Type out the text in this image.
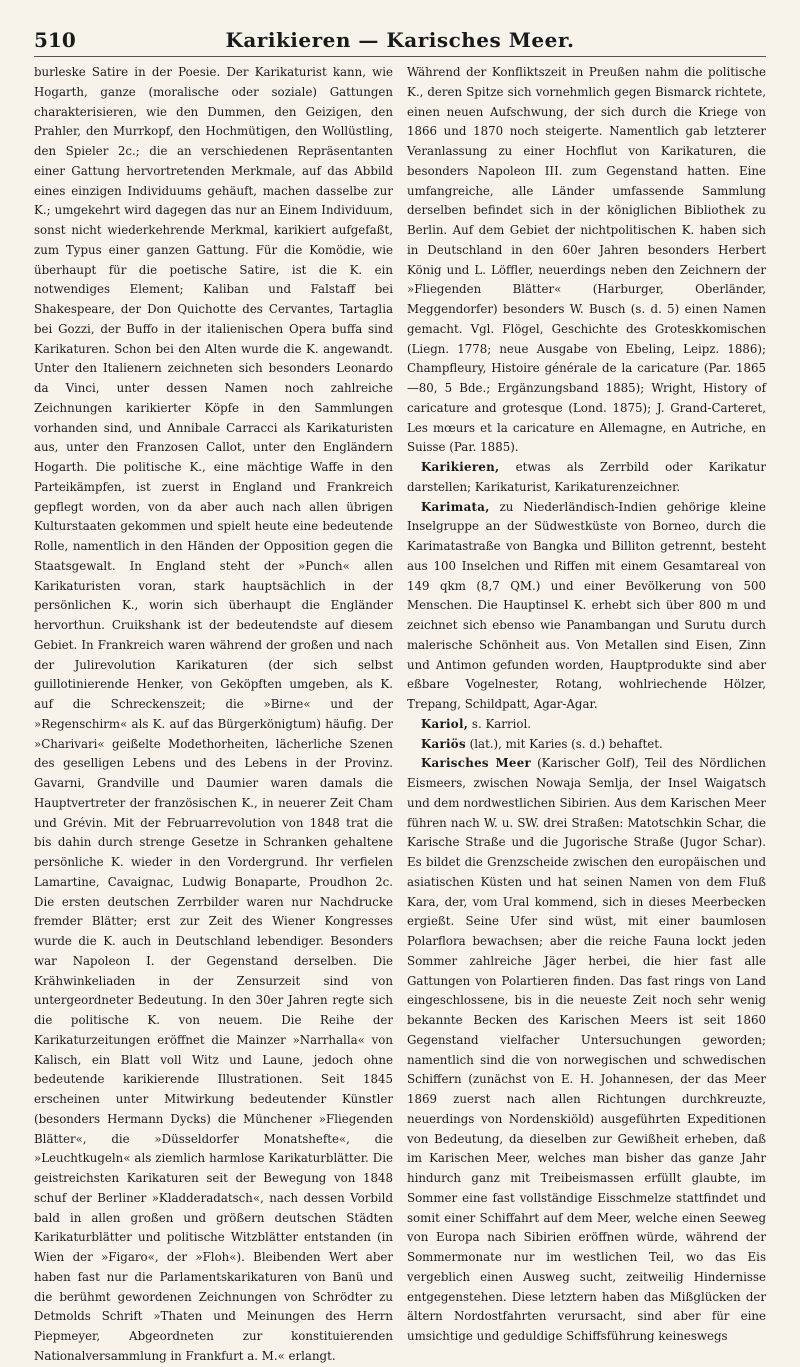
510	Karikieren — Karisches Meer.

burleske Satire in der Poesie. Der Karikaturist kann, wie Hogarth, ganze (moralische oder soziale) Gattungen charakterisieren, wie den Dummen, den Geizigen, den Prahler, den Murrkopf, den Hochmütigen, den Wollüstling, den Spieler 2c.; die an verschiedenen Repräsentanten einer Gattung hervortretenden Merkmale, auf das Abbild eines einzigen Individuums gehäuft, machen dasselbe zur K.; umgekehrt wird dagegen das nur an Einem Individuum, sonst nicht wiederkehrende Merkmal, karikiert aufgefaßt, zum Typus einer ganzen Gattung. Für die Komödie, wie überhaupt für die poetische Satire, ist die K. ein notwendiges Element; Kaliban und Falstaff bei Shakespeare, der Don Quichotte des Cervantes, Tartaglia bei Gozzi, der Buffo in der italienischen Opera buffa sind Karikaturen. Schon bei den Alten wurde die K. angewandt. Unter den Italienern zeichneten sich besonders Leonardo da Vinci, unter dessen Namen noch zahlreiche Zeichnungen karikierter Köpfe in den Sammlungen vorhanden sind, und Annibale Carracci als Karikaturisten aus, unter den Franzosen Callot, unter den Engländern Hogarth. Die politische K., eine mächtige Waffe in den Parteikämpfen, ist zuerst in England und Frankreich gepflegt worden, von da aber auch nach allen übrigen Kulturstaaten gekommen und spielt heute eine bedeutende Rolle, namentlich in den Händen der Opposition gegen die Staatsgewalt. In England steht der »Punch« allen Karikaturisten voran, stark hauptsächlich in der persönlichen K., worin sich überhaupt die Engländer hervorthun. Cruikshank ist der bedeutendste auf diesem Gebiet. In Frankreich waren während der großen und nach der Julirevolution Karikaturen (der sich selbst guillotinierende Henker, von Geköpften umgeben, als K. auf die Schreckenszeit; die »Birne« und der »Regenschirm« als K. auf das Bürgerkönigtum) häufig. Der »Charivari« geißelte Modethorheiten, lächerliche Szenen des geselligen Lebens und des Lebens in der Provinz. Gavarni, Grandville und Daumier waren damals die Hauptvertreter der französischen K., in neuerer Zeit Cham und Grévin. Mit der Februarrevolution von 1848 trat die bis dahin durch strenge Gesetze in Schranken gehaltene persönliche K. wieder in den Vordergrund. Ihr verfielen Lamartine, Cavaignac, Ludwig Bonaparte, Proudhon 2c. Die ersten deutschen Zerrbilder waren nur Nachdrucke fremder Blätter; erst zur Zeit des Wiener Kongresses wurde die K. auch in Deutschland lebendiger. Besonders war Napoleon I. der Gegenstand derselben. Die Krähwinkeliaden in der Zensurzeit sind von untergeordneter Bedeutung. In den 30er Jahren regte sich die politische K. von neuem. Die Reihe der Karikaturzeitungen eröffnet die Mainzer »Narrhalla« von Kalisch, ein Blatt voll Witz und Laune, jedoch ohne bedeutende karikierende Illustrationen. Seit 1845 erscheinen unter Mitwirkung bedeutender Künstler (besonders Hermann Dycks) die Münchener »Fliegenden Blätter«, die »Düsseldorfer Monatshefte«, die »Leuchtkugeln« als ziemlich harmlose Karikaturblätter. Die geistreichsten Karikaturen seit der Bewegung von 1848 schuf der Berliner »Kladderadatsch«, nach dessen Vorbild bald in allen großen und größern deutschen Städten Karikaturblätter und politische Witzblätter entstanden (in Wien der »Figaro«, der »Floh«). Bleibenden Wert aber haben fast nur die Parlamentskarikaturen von Banü und die berühmt gewordenen Zeichnungen von Schrödter zu Detmolds Schrift »Thaten und Meinungen des Herrn Piepmeyer, Abgeordneten zur konstituierenden Nationalversammlung in Frankfurt a. M.« erlangt.

Während der Konfliktszeit in Preußen nahm die politische K., deren Spitze sich vornehmlich gegen Bismarck richtete, einen neuen Aufschwung, der sich durch die Kriege von 1866 und 1870 noch steigerte. Namentlich gab letzterer Veranlassung zu einer Hochflut von Karikaturen, die besonders Napoleon III. zum Gegenstand hatten. Eine umfangreiche, alle Länder umfassende Sammlung derselben befindet sich in der königlichen Bibliothek zu Berlin. Auf dem Gebiet der nichtpolitischen K. haben sich in Deutschland in den 60er Jahren besonders Herbert König und L. Löffler, neuerdings neben den Zeichnern der »Fliegenden Blätter« (Harburger, Oberländer, Meggendorfer) besonders W. Busch (s. d. 5) einen Namen gemacht. Vgl. Flögel, Geschichte des Groteskkomischen (Liegn. 1778; neue Ausgabe von Ebeling, Leipz. 1886); Champfleury, Histoire générale de la caricature (Par. 1865—80, 5 Bde.; Ergänzungsband 1885); Wright, History of caricature and grotesque (Lond. 1875); J. Grand-Carteret, Les mœurs et la caricature en Allemagne, en Autriche, en Suisse (Par. 1885).

Karikieren, etwas als Zerrbild oder Karikatur darstellen; Karikaturist, Karikaturenzeichner.

Karimata, zu Niederländisch-Indien gehörige kleine Inselgruppe an der Südwestküste von Borneo, durch die Karimatastraße von Bangka und Billiton getrennt, besteht aus 100 Inselchen und Riffen mit einem Gesamtareal von 149 qkm (8,7 QM.) und einer Bevölkerung von 500 Menschen. Die Hauptinsel K. erhebt sich über 800 m und zeichnet sich ebenso wie Panambangan und Surutu durch malerische Schönheit aus. Von Metallen sind Eisen, Zinn und Antimon gefunden worden, Hauptprodukte sind aber eßbare Vogelnester, Rotang, wohlriechende Hölzer, Trepang, Schildpatt, Agar-Agar.

Kariol, s. Karriol.

Kariös (lat.), mit Karies (s. d.) behaftet.

Karisches Meer (Karischer Golf), Teil des Nördlichen Eismeers, zwischen Nowaja Semlja, der Insel Waigatsch und dem nordwestlichen Sibirien. Aus dem Karischen Meer führen nach W. u. SW. drei Straßen: Matotschkin Schar, die Karische Straße und die Jugorische Straße (Jugor Schar). Es bildet die Grenzscheide zwischen den europäischen und asiatischen Küsten und hat seinen Namen von dem Fluß Kara, der, vom Ural kommend, sich in dieses Meerbecken ergießt. Seine Ufer sind wüst, mit einer baumlosen Polarflora bewachsen; aber die reiche Fauna lockt jeden Sommer zahlreiche Jäger herbei, die hier fast alle Gattungen von Polartieren finden. Das fast rings von Land eingeschlossene, bis in die neueste Zeit noch sehr wenig bekannte Becken des Karischen Meers ist seit 1860 Gegenstand vielfacher Untersuchungen geworden; namentlich sind die von norwegischen und schwedischen Schiffern (zunächst von E. H. Johannesen, der das Meer 1869 zuerst nach allen Richtungen durchkreuzte, neuerdings von Nordenskiöld) ausgeführten Expeditionen von Bedeutung, da dieselben zur Gewißheit erheben, daß im Karischen Meer, welches man bisher das ganze Jahr hindurch ganz mit Treibeismassen erfüllt glaubte, im Sommer eine fast vollständige Eisschmelze stattfindet und somit einer Schiffahrt auf dem Meer, welche einen Seeweg von Europa nach Sibirien eröffnen würde, während der Sommermonate nur im westlichen Teil, wo das Eis vergeblich einen Ausweg sucht, zeitweilig Hindernisse entgegenstehen. Diese letztern haben das Mißglücken der ältern Nordostfahrten verursacht, sind aber für eine umsichtige und geduldige Schiffsführung keineswegs
